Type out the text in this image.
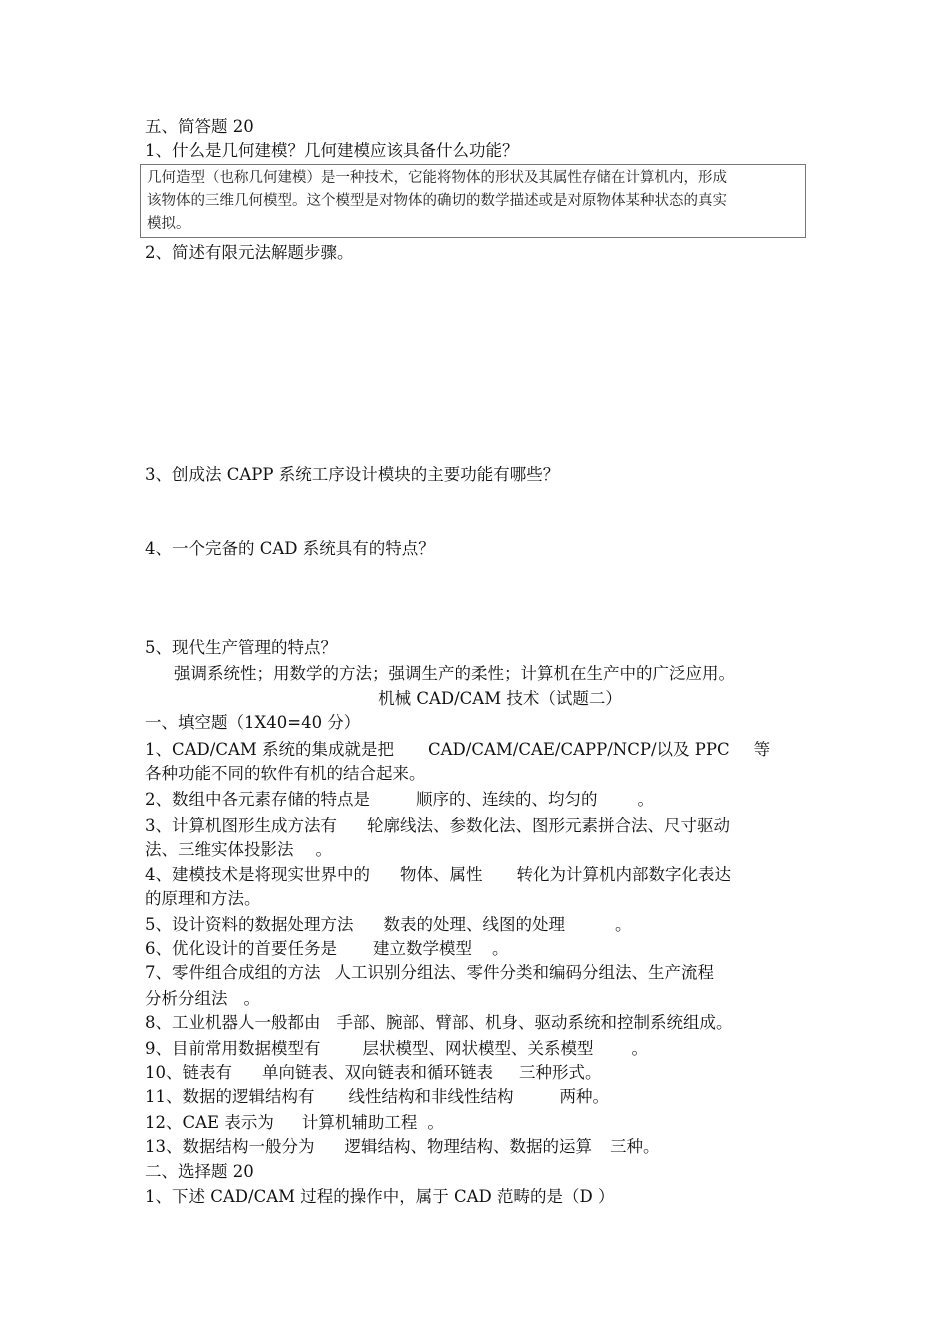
五、简答题 20
1、什么是几何建模？几何建模应该具备什么功能？
几何造型（也称几何建模）是一种技术，它能将物体的形状及其属性存储在计算机内，形成
该物体的三维几何模型。这个模型是对物体的确切的数学描述或是对原物体某种状态的真实
模拟。
2、简述有限元法解题步骤。
3、创成法 CAPP 系统工序设计模块的主要功能有哪些？
4、一个完备的 CAD 系统具有的特点？
5、现代生产管理的特点？
强调系统性；用数学的方法；强调生产的柔性；计算机在生产中的广泛应用。
机械 CAD/CAM 技术（试题二）
一、填空题（1X40=40 分）
1、CAD/CAM 系统的集成就是把 CAD/CAM/CAE/CAPP/NCP/以及 PPC 等
各种功能不同的软件有机的结合起来。
2、数组中各元素存储的特点是	顺序的、连续的、均匀的 。
3、计算机图形生成方法有 轮廓线法、参数化法、图形元素拼合法、尺寸驱动
法、三维实体投影法 。
4、建模技术是将现实世界中的 物体、属性 转化为计算机内部数字化表达
的原理和方法。
5、设计资料的数据处理方法 数表的处理、线图的处理	。
6、优化设计的首要任务是 建立数学模型 。
7、零件组合成组的方法 人工识别分组法、零件分类和编码分组法、生产流程
分析分组法 。
8、工业机器人一般都由 手部、腕部、臂部、机身、驱动系统和控制系统组成。
9、目前常用数据模型有	层状模型、网状模型、关系模型 。
10、链表有 单向链表、双向链表和循环链表 三种形式。
11、数据的逻辑结构有 线性结构和非线性结构	两种。
12、CAE 表示为 计算机辅助工程 。
13、数据结构一般分为 逻辑结构、物理结构、数据的运算 三种。
二、选择题 20
1、下述 CAD/CAM 过程的操作中，属于 CAD 范畴的是（D ）
